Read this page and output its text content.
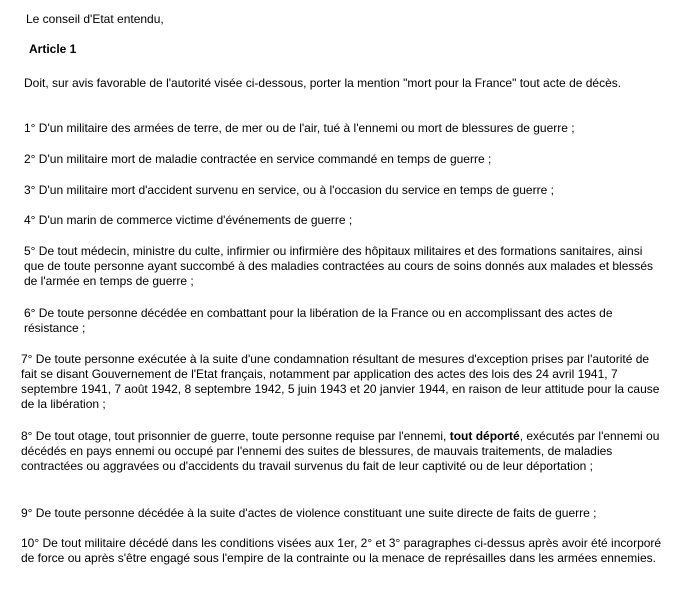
Le conseil d'Etat entendu,

Article 1

Doit, sur avis favorable de l'autorité visée ci-dessous, porter la mention "mort pour la France" tout acte de décès.

1° D'un militaire des armées de terre, de mer ou de l'air, tué à l'ennemi ou mort de blessures de guerre ;

2° D'un militaire mort de maladie contractée en service commandé en temps de guerre ;

3° D'un militaire mort d'accident survenu en service, ou à l'occasion du service en temps de guerre ;

4° D'un marin de commerce victime d'événements de guerre ;

5° De tout médecin, ministre du culte, infirmier ou infirmière des hôpitaux militaires et des formations sanitaires, ainsi que de toute personne ayant succombé à des maladies contractées au cours de soins donnés aux malades et blessés de l'armée en temps de guerre ;

6° De toute personne décédée en combattant pour la libération de la France ou en accomplissant des actes de résistance ;

7° De toute personne exécutée à la suite d'une condamnation résultant de mesures d'exception prises par l'autorité de fait se disant Gouvernement de l'Etat français, notamment par application des actes des lois des 24 avril 1941, 7 septembre 1941, 7 août 1942, 8 septembre 1942, 5 juin 1943 et 20 janvier 1944, en raison de leur attitude pour la cause de la libération ;

8° De tout otage, tout prisonnier de guerre, toute personne requise par l'ennemi, tout déporté, exécutés par l'ennemi ou décédés en pays ennemi ou occupé par l'ennemi des suites de blessures, de mauvais traitements, de maladies contractées ou aggravées ou d'accidents du travail survenus du fait de leur captivité ou de leur déportation ;

9° De toute personne décédée à la suite d'actes de violence constituant une suite directe de faits de guerre ;

10° De tout militaire décédé dans les conditions visées aux 1er, 2° et 3° paragraphes ci-dessus après avoir été incorporé de force ou après s'être engagé sous l'empire de la contrainte ou la menace de représailles dans les armées ennemies.
